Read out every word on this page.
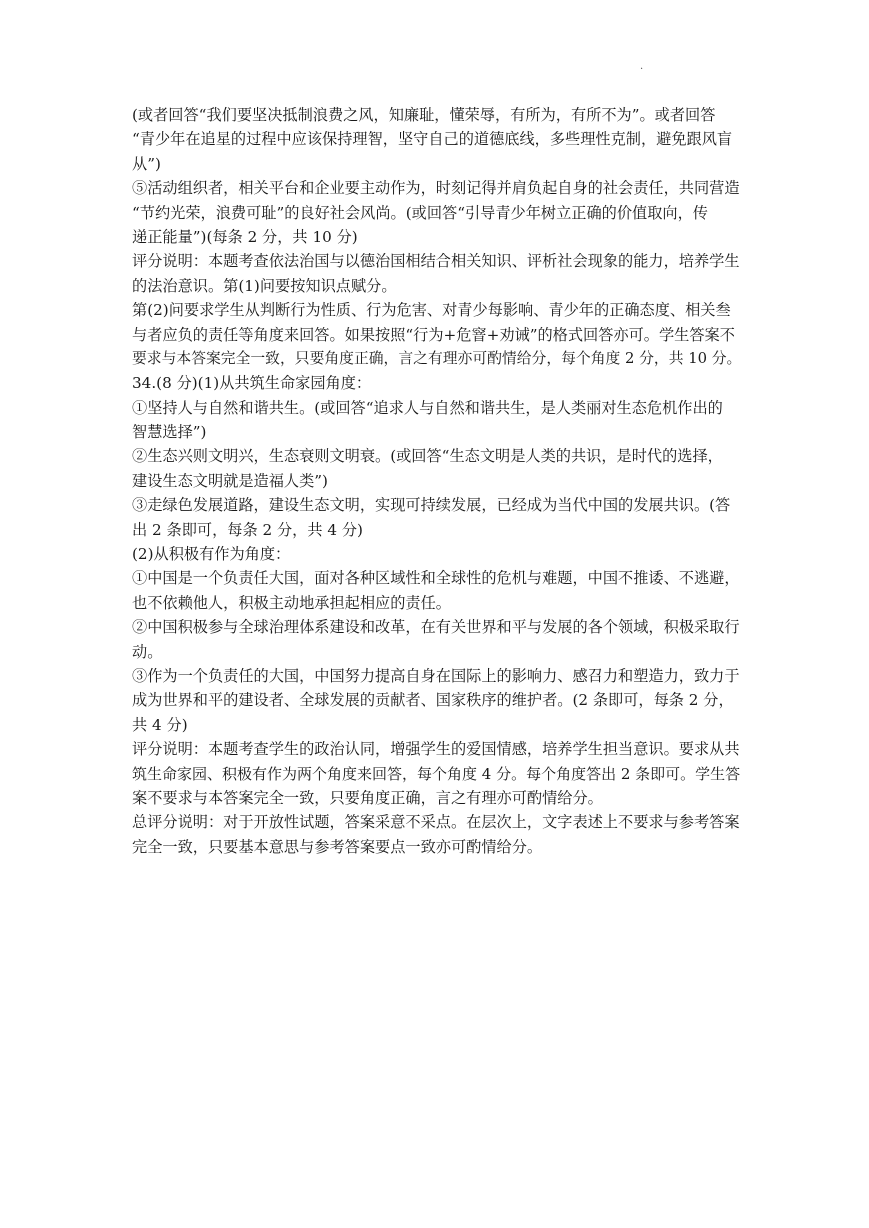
.
(或者回答“我们要坚决抵制浪费之风，知廉耻，懂荣辱，有所为，有所不为”。或者回答
“青少年在追星的过程中应该保持理智，坚守自己的道德底线，多些理性克制，避免跟风盲
从”)
⑤活动组织者，相关平台和企业要主动作为，时刻记得并肩负起自身的社会责任，共同营造
“节约光荣，浪费可耻”的良好社会风尚。(或回答“引导青少年树立正确的价值取向，传
递正能量”)(每条 2 分，共 10 分)
评分说明：本题考查依法治国与以德治国相结合相关知识、评析社会现象的能力，培养学生
的法治意识。第(1)问要按知识点赋分。
第(2)问要求学生从判断行为性质、行为危害、对青少每影响、青少年的正确态度、相关叁
与者应负的责任等角度来回答。如果按照“行为+危窨+劝诫”的格式回答亦可。学生答案不
要求与本答案完全一致，只要角度正确，言之有理亦可酌情给分，每个角度 2 分，共 10 分。
34.(8 分)(1)从共筑生命家园角度：
①坚持人与自然和谐共生。(或回答“追求人与自然和谐共生，是人类丽对生态危机作出的
智慧选择”)
②生态兴则文明兴，生态衰则文明衰。(或回答“生态文明是人类的共识，是时代的选择，
建设生态文明就是造福人类”)
③走绿色发展道路，建设生态文明，实现可持续发展，已经成为当代中国的发展共识。(答
出 2 条即可，每条 2 分，共 4 分)
(2)从积极有作为角度：
①中国是一个负责任大国，面对各种区域性和全球性的危机与难题，中国不推诿、不逃避，
也不依赖他人，积极主动地承担起相应的责任。
②中国积极参与全球治理体系建设和改革，在有关世界和平与发展的各个领域，积极采取行
动。
③作为一个负责任的大国，中国努力提高自身在国际上的影响力、感召力和塑造力，致力于
成为世界和平的建设者、全球发展的贡献者、国家秩序的维护者。(2 条即可，每条 2 分，
共 4 分)
评分说明：本题考查学生的政治认同，增强学生的爱国情感，培养学生担当意识。要求从共
筑生命家园、积极有作为两个角度来回答，每个角度 4 分。每个角度答出 2 条即可。学生答
案不要求与本答案完全一致，只要角度正确，言之有理亦可酌情给分。
总评分说明：对于开放性试题，答案采意不采点。在层次上，文字表述上不要求与参考答案
完全一致，只要基本意思与参考答案要点一致亦可酌情给分。
